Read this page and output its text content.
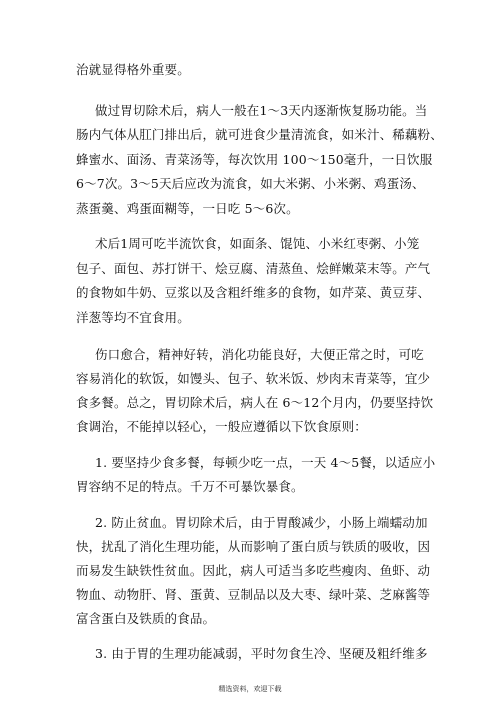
治就显得格外重要。
做过胃切除术后，病人一般在1～3天内逐渐恢复肠功能。当
肠内气体从肛门排出后，就可进食少量清流食，如米汁、稀藕粉、
蜂蜜水、面汤、青菜汤等，每次饮用 100～150毫升，一日饮服
6～7次。3～5天后应改为流食，如大米粥、小米粥、鸡蛋汤、
蒸蛋羹、鸡蛋面糊等，一日吃 5～6次。
术后1周可吃半流饮食，如面条、馄饨、小米红枣粥、小笼
包子、面包、苏打饼干、烩豆腐、清蒸鱼、烩鲜嫩菜末等。产气
的食物如牛奶、豆浆以及含粗纤维多的食物，如芹菜、黄豆芽、
洋葱等均不宜食用。
伤口愈合，精神好转，消化功能良好，大便正常之时，可吃
容易消化的软饭，如馒头、包子、软米饭、炒肉末青菜等，宜少
食多餐。总之，胃切除术后，病人在 6～12个月内，仍要坚持饮
食调治，不能掉以轻心，一般应遵循以下饮食原则：
1. 要坚持少食多餐，每顿少吃一点，一天 4～5餐，以适应小
胃容纳不足的特点。千万不可暴饮暴食。
2. 防止贫血。胃切除术后，由于胃酸减少，小肠上端蠕动加
快，扰乱了消化生理功能，从而影响了蛋白质与铁质的吸收，因
而易发生缺铁性贫血。因此，病人可适当多吃些瘦肉、鱼虾、动
物血、动物肝、肾、蛋黄、豆制品以及大枣、绿叶菜、芝麻酱等
富含蛋白及铁质的食品。
3. 由于胃的生理功能减弱，平时勿食生冷、坚硬及粗纤维多
精选资料，欢迎下载
